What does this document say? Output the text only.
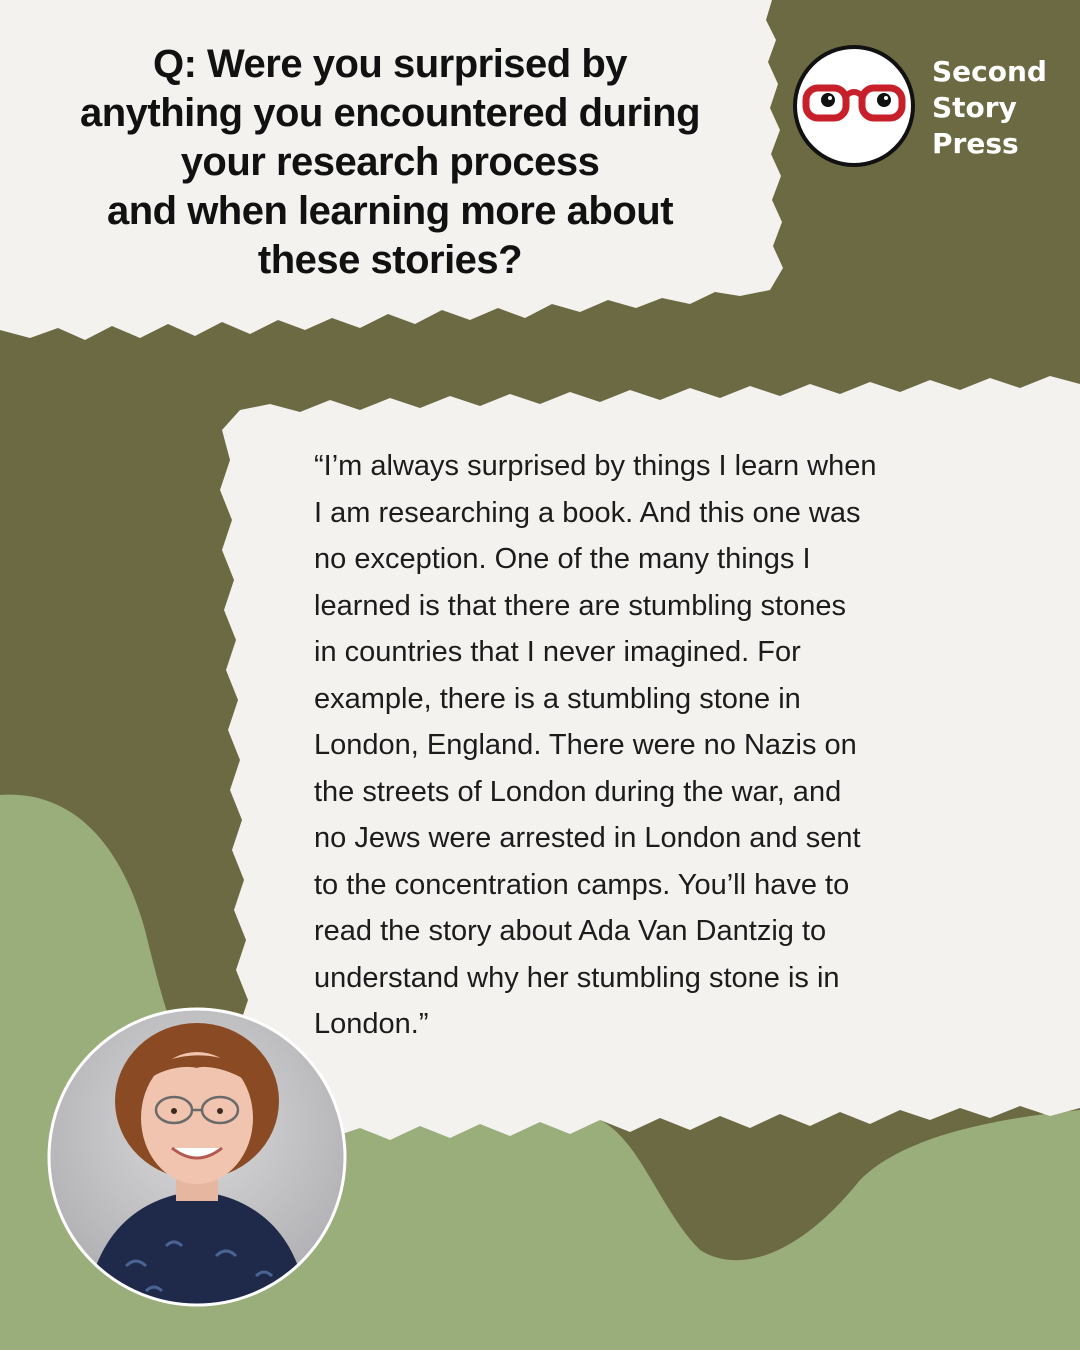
Q: Were you surprised by
anything you encountered during
your research process
and when learning more about
these stories?
Second
Story
Press
“I’m always surprised by things I learn when
I am researching a book. And this one was
no exception. One of the many things I
learned is that there are stumbling stones
in countries that I never imagined. For
example, there is a stumbling stone in
London, England. There were no Nazis on
the streets of London during the war, and
no Jews were arrested in London and sent
to the concentration camps. You’ll have to
read the story about Ada Van Dantzig to
understand why her stumbling stone is in
London.”
